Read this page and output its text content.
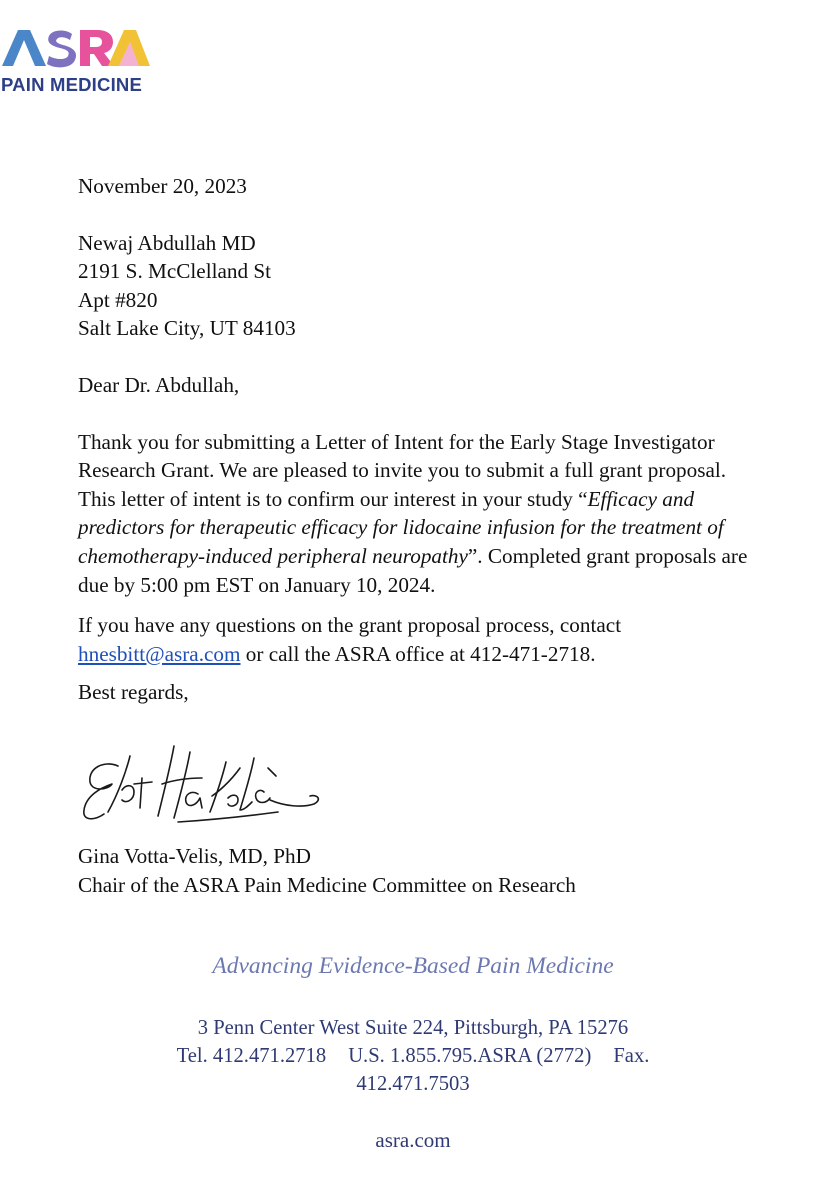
PAIN MEDICINE

November 20, 2023

Newaj Abdullah MD
2191 S. McClelland St
Apt #820
Salt Lake City, UT 84103

Dear Dr. Abdullah,

Thank you for submitting a Letter of Intent for the Early Stage Investigator Research Grant. We are pleased to invite you to submit a full grant proposal. This letter of intent is to confirm our interest in your study “Efficacy and predictors for therapeutic efficacy for lidocaine infusion for the treatment of chemotherapy-induced peripheral neuropathy”. Completed grant proposals are due by 5:00 pm EST on January 10, 2024.

If you have any questions on the grant proposal process, contact hnesbitt@asra.com or call the ASRA office at 412-471-2718.

Best regards,

Gina Votta-Velis, MD, PhD
Chair of the ASRA Pain Medicine Committee on Research
Advancing Evidence-Based Pain Medicine
3 Penn Center West Suite 224, Pittsburgh, PA 15276
Tel. 412.471.2718 U.S. 1.855.795.ASRA (2772) Fax.
412.471.7503
asra.com
